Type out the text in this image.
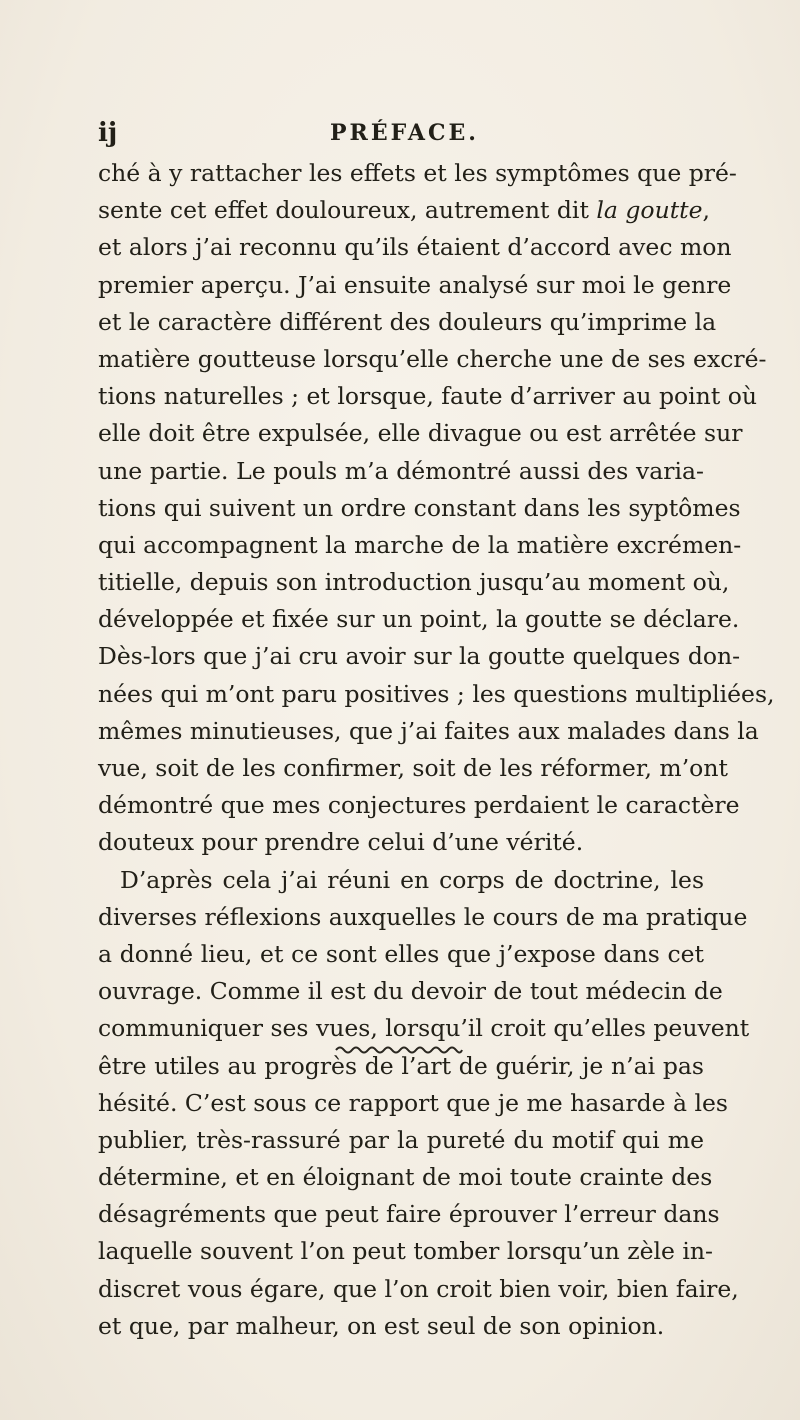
ij	PRÉFACE.
ché à y rattacher les effets et les symptômes que pré-
sente cet effet douloureux, autrement dit la goutte,
et alors j’ai reconnu qu’ils étaient d’accord avec mon
premier aperçu. J’ai ensuite analysé sur moi le genre
et le caractère différent des douleurs qu’imprime la
matière goutteuse lorsqu’elle cherche une de ses excré-
tions naturelles ; et lorsque, faute d’arriver au point où
elle doit être expulsée, elle divague ou est arrêtée sur
une partie. Le pouls m’a démontré aussi des varia-
tions qui suivent un ordre constant dans les syptômes
qui accompagnent la marche de la matière excrémen-
titielle, depuis son introduction jusqu’au moment où,
développée et fixée sur un point, la goutte se déclare.
Dès-lors que j’ai cru avoir sur la goutte quelques don-
nées qui m’ont paru positives ; les questions multipliées,
mêmes minutieuses, que j’ai faites aux malades dans la
vue, soit de les confirmer, soit de les réformer, m’ont
démontré que mes conjectures perdaient le caractère
douteux pour prendre celui d’une vérité.
D’après cela j’ai réuni en corps de doctrine, les
diverses réflexions auxquelles le cours de ma pratique
a donné lieu, et ce sont elles que j’expose dans cet
ouvrage. Comme il est du devoir de tout médecin de
communiquer ses vues, lorsqu’il croit qu’elles peuvent
être utiles au progrès de l’art de guérir, je n’ai pas
hésité. C’est sous ce rapport que je me hasarde à les
publier, très-rassuré par la pureté du motif qui me
détermine, et en éloignant de moi toute crainte des
désagréments que peut faire éprouver l’erreur dans
laquelle souvent l’on peut tomber lorsqu’un zèle in-
discret vous égare, que l’on croit bien voir, bien faire,
et que, par malheur, on est seul de son opinion.
